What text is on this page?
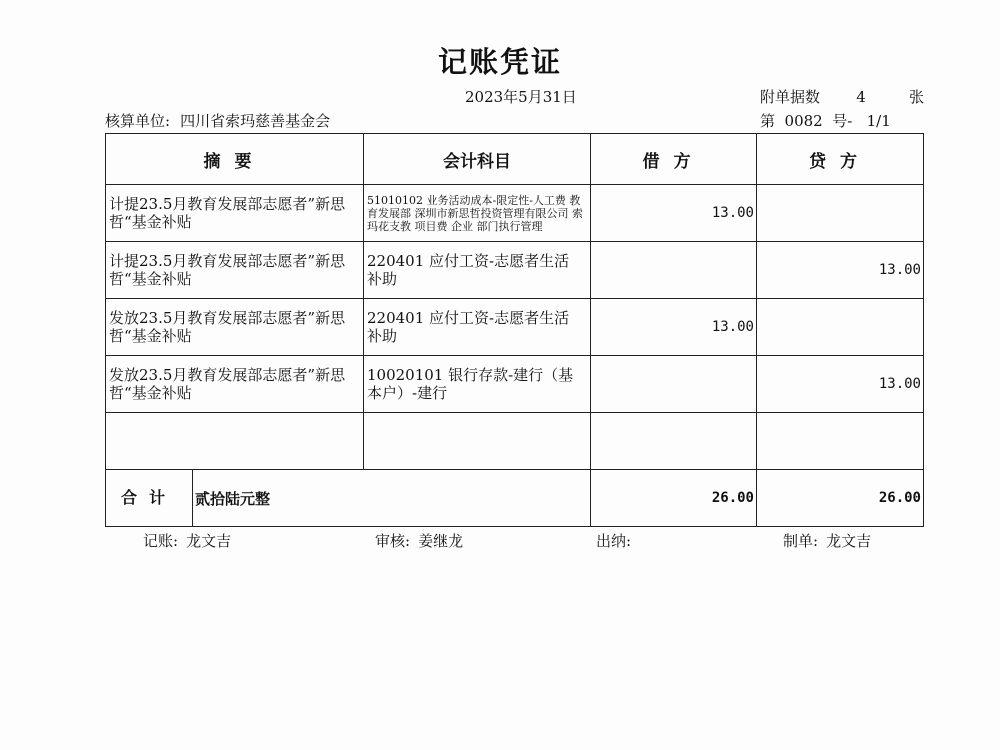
记账凭证
2023年5月31日	附单据数 4	张
核算单位: 四川省索玛慈善基金会	第  0082  号-   1/1
摘要	会计科目	借方	贷方
计提23.5月教育发展部志愿者”新思哲“基金补贴	51010102 业务活动成本-限定性-人工费 教育发展部 深圳市新思哲投资管理有限公司 索玛花支教 项目费 企业 部门执行管理	13.00	
计提23.5月教育发展部志愿者”新思哲“基金补贴	220401 应付工资-志愿者生活补助		13.00
发放23.5月教育发展部志愿者”新思哲“基金补贴	220401 应付工资-志愿者生活补助	13.00	
发放23.5月教育发展部志愿者”新思哲“基金补贴	10020101 银行存款-建行（基本户）-建行		13.00

合计 贰拾陆元整		26.00	26.00
记账: 龙文吉	审核: 姜继龙	出纳:	制单: 龙文吉
